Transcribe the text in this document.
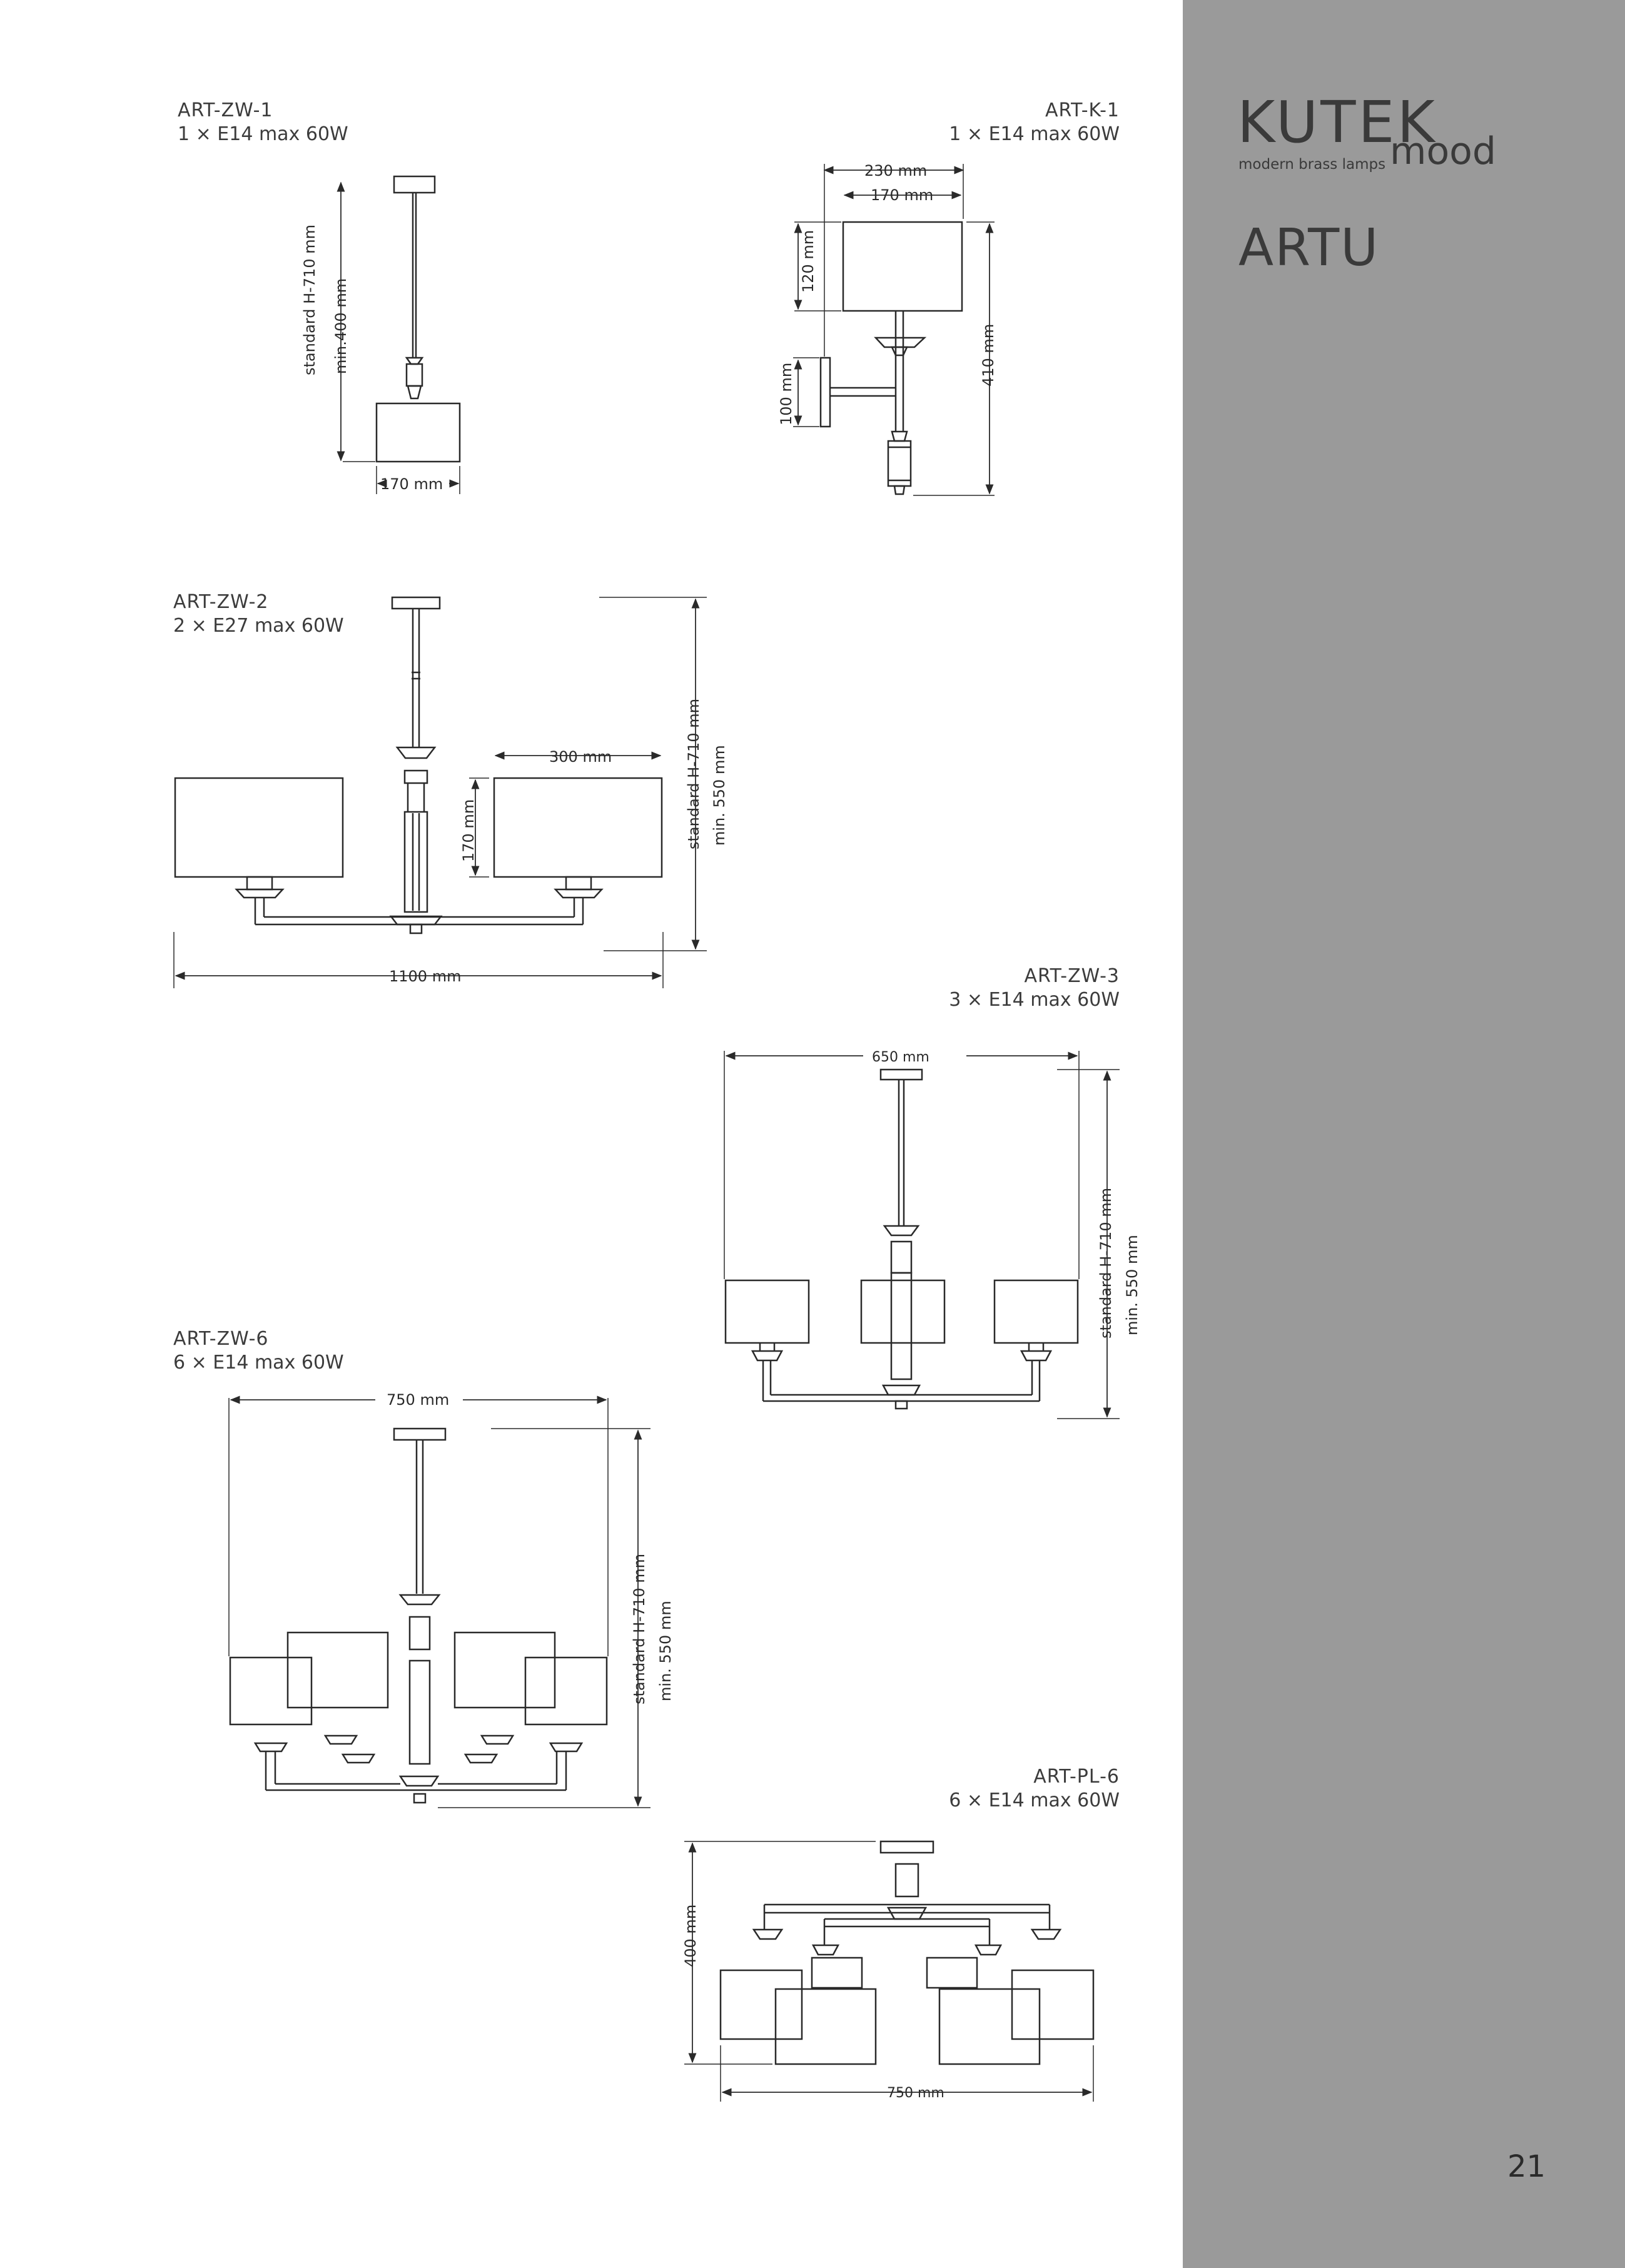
KUTEK
mood
modern brass lamps
ARTU
21
ART-ZW-1
1 × E14 max 60W
ART-K-1
1 × E14 max 60W
ART-ZW-2
2 × E27 max 60W
ART-ZW-3
3 × E14 max 60W
ART-ZW-6
6 × E14 max 60W
ART-PL-6
6 × E14 max 60W
standard H-710 mm min.400 mm
170 mm
230 mm
170 mm
120 mm
100 mm
410 mm
300 mm
170 mm	standard H-710 mm min. 550 mm
1100 mm
650 mm
standard H-710 mm min. 550 mm
750 mm
standard H-710 mm min. 550 mm
400 mm
750 mm
